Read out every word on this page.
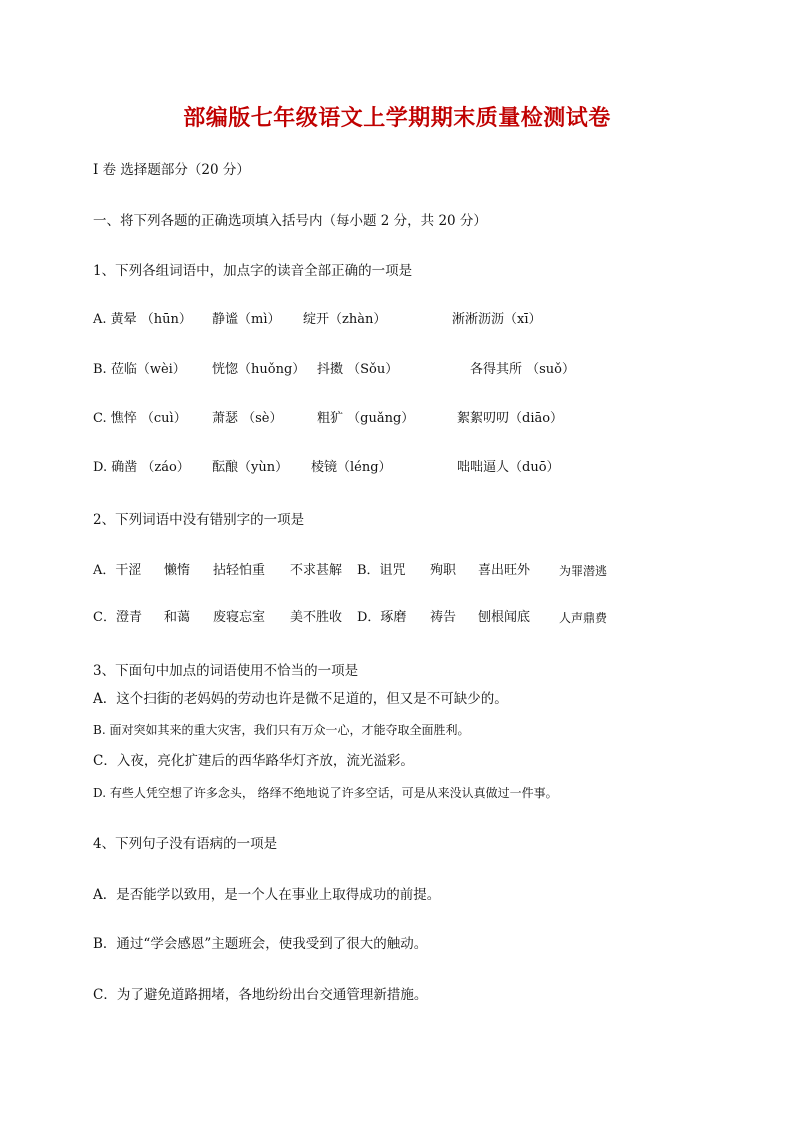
部编版七年级语文上学期期末质量检测试卷
I 卷 选择题部分（20 分）
一、将下列各题的正确选项填入括号内（每小题 2 分，共 20 分）
1、下列各组词语中，加点字的读音全部正确的一项是
A. 黄晕 （hūn） 静谧（mì） 绽开（zhàn）	淅淅沥沥（xī）
B. 莅临（wèi） 恍惚（huǒng） 抖擞 （Sǒu）	各得其所 （suǒ）
C. 憔悴 （cuì） 萧瑟 （sè）	粗犷 （guǎng）	絮絮叨叨（diāo）
D. 确凿 （záo） 酝酿（yùn） 棱镜（léng）	咄咄逼人（duō）
2、下列词语中没有错别字的一项是
A．干涩 懒惰 拈轻怕重 不求甚解 B．诅咒 殉职 喜出旺外 为罪潜逃
C．澄青 和蔼 废寝忘室 美不胜收 D．琢磨 祷告 刨根闻底 人声鼎费
3、下面句中加点的词语使用不恰当的一项是
A．这个扫街的老妈妈的劳动也许是微不足道的，但又是不可缺少的。
B. 面对突如其来的重大灾害，我们只有万众一心，才能夺取全面胜利。
C．入夜，亮化扩建后的西华路华灯齐放，流光溢彩。
D. 有些人凭空想了许多念头， 络绎不绝地说了许多空话，可是从来没认真做过一件事。
4、下列句子没有语病的一项是
A．是否能学以致用，是一个人在事业上取得成功的前提。
B．通过“学会感恩”主题班会，使我受到了很大的触动。
C．为了避免道路拥堵，各地纷纷出台交通管理新措施。
